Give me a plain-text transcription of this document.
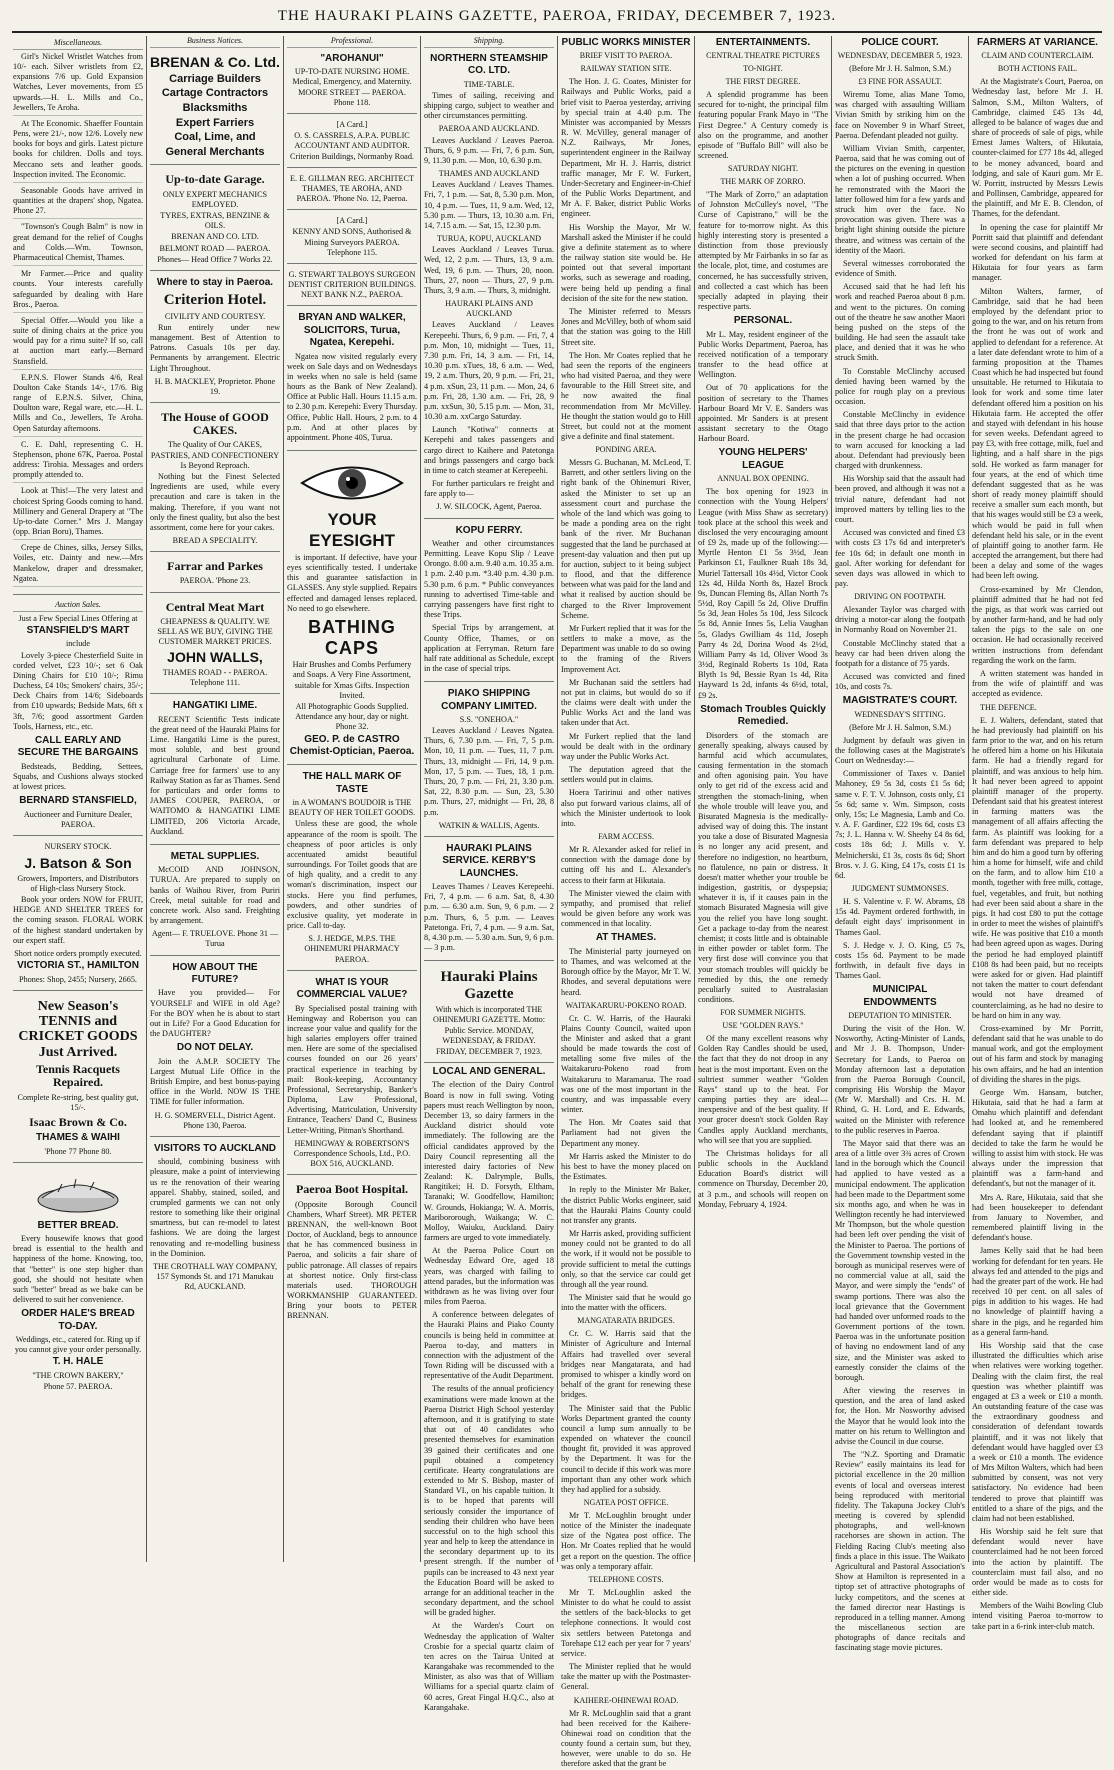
THE HAURAKI PLAINS GAZETTE, PAEROA, FRIDAY, DECEMBER 7, 1923.
Miscellaneous.

Girl's Nickel Wristlet Watches from 10/- each. Silver wristlets from £2, expansions 7/6 up. Gold Expansion Watches, Lever movements, from £5 upwards.—H. L. Mills and Co., Jewellers, Te Aroha.

At The Economic. Shaeffer Fountain Pens, were 21/-, now 12/6. Lovely new books for boys and girls. Latest picture books for children. Dolls and toys. Meccano sets and leather goods. Inspection invited. The Economic.

Seasonable Goods have arrived in quantities at the drapers' shop, Ngatea. Phone 27.

"Townson's Cough Balm" is now in great demand for the relief of Coughs and Colds.—Wm. Townson, Pharmaceutical Chemist, Thames.

Mr Farmer.—Price and quality counts. Your interests carefully safeguarded by dealing with Hare Bros., Paeroa.

Special Offer.—Would you like a suite of dining chairs at the price you would pay for a rimu suite? If so, call at auction mart early.—Bernard Stansfield.

E.P.N.S. Flower Stands 4/6, Real Doulton Cake Stands 14/-, 17/6. Big range of E.P.N.S. Silver, China, Doulton ware, Regal ware, etc.—H. L. Mills and Co., Jewellers, Te Aroha. Open Saturday afternoons.

C. E. Dahl, representing C. H. Stephenson, phone 67K, Paeroa. Postal address: Tirohia. Messages and orders promptly attended to.

Look at This!—The very latest and choicest Spring Goods coming to hand. Millinery and General Drapery at "The Up-to-date Corner." Mrs J. Mangay (opp. Brian Boru), Thames.

Crepe de Chines, silks, Jersey Silks, Voiles, etc. Dainty and new.—Mrs Mankelow, draper and dressmaker, Ngatea.

Auction Sales.
Just a Few Special Lines Offering at
STANSFIELD'S MART
include

Lovely 3-piece Chesterfield Suite in corded velvet, £23 10/-; set 6 Oak Dining Chairs for £10 10/-; Rimu Duchess, £4 10s; Smokers' chairs, 35/-; Deck Chairs from 14/6; Sideboards from £10 upwards; Bedside Mats, 6ft x 3ft, 7/6; good assortment Garden Tools, Harness, etc., etc.

CALL EARLY AND SECURE THE BARGAINS

Bedsteads, Bedding, Settees, Squabs, and Cushions always stocked at lowest prices.

BERNARD STANSFIELD,
Auctioneer and Furniture Dealer, PAEROA.
NURSERY STOCK.
J. Batson & Son
Growers, Importers, and Distributors of High-class Nursery Stock.

Book your orders NOW for FRUIT, HEDGE AND SHELTER TREES for the coming season. FLORAL WORK of the highest standard undertaken by our expert staff.

Short notice orders promptly executed.
VICTORIA ST., HAMILTON
Phones: Shop, 2455; Nursery, 2665.
New Season's TENNIS and CRICKET GOODS Just Arrived.
Tennis Racquets Repaired.
Complete Re-string, best quality gut, 15/-.
Isaac Brown & Co.
THAMES & WAIHI
'Phone 77 Phone 80.
BETTER BREAD.

Every housewife knows that good bread is essential to the health and happiness of the home. Knowing, too, that "better" is one step higher than good, she should not hesitate when such "better" bread as we bake can be delivered to suit her convenience.

ORDER HALE'S BREAD TO-DAY.
Weddings, etc., catered for. Ring up if you cannot give your order personally.
T. H. HALE
"THE CROWN BAKERY,"
Phone 57. PAEROA.
Business Notices.
BRENAN & Co. Ltd.
Carriage Builders
Cartage Contractors
Blacksmiths
Expert Farriers
Coal, Lime, and
General Merchants
Up-to-date Garage.
ONLY EXPERT MECHANICS EMPLOYED.
TYRES, EXTRAS, BENZINE & OILS.
BRENAN AND CO. LTD.
BELMONT ROAD — PAEROA.
Phones— Head Office 7 Works 22.
Where to stay in Paeroa.
Criterion Hotel.
CIVILITY AND COURTESY.

Run entirely under new management. Best of Attention to Patrons. Casuals 10s per day. Permanents by arrangement. Electric Light Throughout.

H. B. MACKLEY, Proprietor. Phone 19.
The House of GOOD CAKES.
The Quality of Our CAKES, PASTRIES, AND CONFECTIONERY Is Beyond Reproach.

Nothing but the Finest Selected Ingredients are used, while every precaution and care is taken in the making. Therefore, if you want not only the finest quality, but also the best assortment, come here for your cakes.

BREAD A SPECIALITY.
Farrar and Parkes
PAEROA. 'Phone 23.
Central Meat Mart
CHEAPNESS & QUALITY. WE SELL AS WE BUY, GIVING THE CUSTOMER MARKET PRICES.
JOHN WALLS,
THAMES ROAD - - PAEROA. Telephone 111.
HANGATIKI LIME.

RECENT Scientific Tests indicate the great need of the Hauraki Plains for Lime. Hangatiki Lime is the purest, most soluble, and best ground agricultural Carbonate of Lime. Carriage free for farmers' use to any Railway Station as far as Thames. Send for particulars and order forms to JAMES COUPER, PAEROA, or WAITOMO & HANGATIKI LIME LIMITED, 206 Victoria Arcade, Auckland.

METAL SUPPLIES.

McCOID AND JOHNSON, TURUA. Are prepared to supply on banks of Waihou River, from Puriri Creek, metal suitable for road and concrete work. Also sand. Freighting by arrangement.

Agent— F. TRUELOVE. Phone 31 — Turua
HOW ABOUT THE FUTURE?

Have you provided— For YOURSELF and WIFE in old Age? For the BOY when he is about to start out in Life? For a Good Education for the DAUGHTER?

DO NOT DELAY.

Join the A.M.P. SOCIETY The Largest Mutual Life Office in the British Empire, and best bonus-paying office in the World. NOW IS THE TIME for fuller information.

H. G. SOMERVELL, District Agent. Phone 130, Paeroa.
VISITORS TO AUCKLAND

should, combining business with pleasure, make a point of interviewing us re the renovation of their wearing apparel. Shabby, stained, soiled, and crumpled garments we can not only restore to something like their original smartness, but can re-model to latest fashions. We are doing the largest renovating and re-modelling business in the Dominion.

THE CROTHALL WAY COMPANY, 157 Symonds St. and 171 Manukau Rd, AUCKLAND.
Professional.
"AROHANUI"
UP-TO-DATE NURSING HOME. Medical, Emergency, and Maternity. MOORE STREET — PAEROA. Phone 118.
[A Card.]
O. S. CASSRELS, A.P.A. PUBLIC ACCOUNTANT AND AUDITOR. Criterion Buildings, Normanby Road.
E. E. GILLMAN REG. ARCHITECT THAMES, TE AROHA, AND PAEROA. 'Phone No. 12, Paeroa.
[A Card.]
KENNY AND SONS, Authorised & Mining Surveyors PAEROA. Telephone 115.
G. STEWART TALBOYS SURGEON DENTIST CRITERION BUILDINGS. NEXT BANK N.Z., PAEROA.
BRYAN AND WALKER, SOLICITORS, Turua, Ngatea, Kerepehi.

Ngatea now visited regularly every week on Sale days and on Wednesdays in weeks when no sale is held (same hours as the Bank of New Zealand). Office at Public Hall. Hours 11.15 a.m. to 2.30 p.m. Kerepehi: Every Thursday. Office, Public Hall. Hours, 2 p.m. to 4 p.m. And at other places by appointment. Phone 40S, Turua.

YOUR EYESIGHT

is important. If defective, have your eyes scientifically tested. I undertake this and guarantee satisfaction in GLASSES. Any style supplied. Repairs effected and damaged lenses replaced. No need to go elsewhere.

BATHING CAPS
Hair Brushes and Combs Perfumery and Soaps. A Very Fine Assortment, suitable for Xmas Gifts. Inspection Invited.
All Photographic Goods Supplied. Attendance any hour, day or night. Phone 32.
GEO. P. de CASTRO Chemist-Optician, Paeroa.
THE HALL MARK OF TASTE
in A WOMAN'S BOUDOIR is THE BEAUTY OF HER TOILET GOODS.

Unless these are good, the whole appearance of the room is spoilt. The cheapness of poor articles is only accentuated amidst beautiful surroundings. For Toilet goods that are of high quality, and a credit to any woman's discrimination, inspect our stocks. Here you find perfumes, powders, and other sundries of exclusive quality, yet moderate in price. Call to-day.

S. J. HEDGE, M.P.S. THE OHINEMURI PHARMACY PAEROA.
WHAT IS YOUR COMMERCIAL VALUE?

By Specialised postal training with Hemingway and Robertson you can increase your value and qualify for the high salaries employers offer trained men. Here are some of the specialised courses founded on our 26 years' practical experience in teaching by mail: Book-keeping, Accountancy Professional, Secretaryship, Banker's Diploma, Law Professional, Advertising, Matriculation, University Entrance, Teachers' Dand C, Business Letter-Writing, Pitman's Shorthand.

HEMINGWAY & ROBERTSON'S Correspondence Schools, Ltd., P.O. BOX 516, AUCKLAND.
Paeroa Boot Hospital.

(Opposite Borough Council Chambers, Wharf Street). MR PETER BRENNAN, the well-known Boot Doctor, of Auckland, begs to announce that he has commenced business in Paeroa, and solicits a fair share of public patronage. All classes of repairs at shortest notice. Only first-class materials used. THOROUGH WORKMANSHIP GUARANTEED. Bring your boots to PETER BRENNAN.

Shipping.
NORTHERN STEAMSHIP CO. LTD.
TIME-TABLE.

Times of sailing, receiving and shipping cargo, subject to weather and other circumstances permitting.

PAEROA AND AUCKLAND.

Leaves Auckland / Leaves Paeroa. Thurs, 6, 9 p.m. — Fri, 7, 6 p.m. Sun, 9, 11.30 p.m. — Mon, 10, 6.30 p.m.

THAMES AND AUCKLAND

Leaves Auckland / Leaves Thames. Fri, 7, 1 p.m. — Sat, 8, 5.30 p.m. Mon, 10, 4 p.m. — Tues, 11, 9 a.m. Wed, 12, 5.30 p.m. — Thurs, 13, 10.30 a.m. Fri, 14, 7.15 a.m. — Sat, 15, 12.30 p.m.

TURUA, KOPU, AUCKLAND

Leaves Auckland / Leaves Turua. Wed, 12, 2 p.m. — Thurs, 13, 9 a.m. Wed, 19, 6 p.m. — Thurs, 20, noon. Thurs, 27, noon — Thurs, 27, 9 p.m. Thurs, 3, 9 a.m. — Thurs, 3, midnight.

HAURAKI PLAINS AND AUCKLAND

Leaves Auckland / Leaves Kerepeehi. Thurs, 6, 9 p.m. — Fri, 7, 4 p.m. Mon, 10, midnight — Tues, 11, 7.30 p.m. Fri, 14, 3 a.m. — Fri, 14, 10.30 p.m. xTues, 18, 6 a.m. — Wed, 19, 2 a.m. Thurs, 20, 9 p.m. — Fri, 21, 4 p.m. xSun, 23, 11 p.m. — Mon, 24, 6 p.m. Fri, 28, 1.30 a.m. — Fri, 28, 9 p.m. xxSun, 30, 5.15 p.m. — Mon, 31, 10.30 a.m. xxCargo Saturday.

Launch "Kotiwa" connects at Kerepehi and takes passengers and cargo direct to Kaihere and Patetonga and brings passengers and cargo back in time to catch steamer at Kerepeehi.

For further particulars re freight and fare apply to—

J. W. SILCOCK, Agent, Paeroa.
KOPU FERRY.

Weather and other circumstances Permitting. Leave Kopu Slip / Leave Orongo. 8.00 a.m. 9.40 a.m. 10.35 a.m. 1 p.m. 2.40 p.m. *3.40 p.m. 4.30 p.m. 5.30 p.m. 6 p.m. * Public conveyances running to advertised Time-table and carrying passengers have first right to these Trips.

Special Trips by arrangement, at County Office, Thames, or on application at Ferryman. Return fare half rate additional as Schedule, except in the case of special trips.

PIAKO SHIPPING COMPANY LIMITED.
S.S. "ONEHOA."

Leaves Auckland / Leaves Ngatea. Thurs, 6, 7.30 p.m. — Fri, 7, 5 p.m. Mon, 10, 11 p.m. — Tues, 11, 7 p.m. Thurs, 13, midnight — Fri, 14, 9 p.m. Mon, 17, 5 p.m. — Tues, 18, 1 p.m. Thurs, 20, 7 p.m. — Fri, 21, 3.30 p.m. Sat, 22, 8.30 p.m. — Sun, 23, 5.30 p.m. Thurs, 27, midnight — Fri, 28, 8 p.m.

WATKIN & WALLIS, Agents.
HAURAKI PLAINS SERVICE. KERBY'S LAUNCHES.

Leaves Thames / Leaves Kerepeehi. Fri, 7, 4 p.m. — 6 a.m. Sat, 8, 4.30 p.m. — 6.30 a.m. Sun, 9, 6 p.m. — 2 p.m. Thurs, 6, 5 p.m. — Leaves Patetonga. Fri, 7, 4 p.m. — 9 a.m. Sat, 8, 4.30 p.m. — 5.30 a.m. Sun, 9, 6 p.m. — 3 p.m.

Hauraki Plains Gazette
With which is incorporated THE OHINEMURI GAZETTE. Motto: Public Service. MONDAY, WEDNESDAY, & FRIDAY.
FRIDAY, DECEMBER 7, 1923.
LOCAL AND GENERAL.

The election of the Dairy Control Board is now in full swing. Voting papers must reach Wellington by noon, December 13, so dairy farmers in the Auckland district should vote immediately. The following are the official candidates approved by the Dairy Council representing all the interested dairy factories of New Zealand: K. Dalrymple, Bulls, Rangitikei; H. D. Forsyth, Eltham, Taranaki; W. Goodfellow, Hamilton; W. Grounds, Hokianga; W. A. Morris, Maribororough, Waikanga; W. C. Molloy, Waiuku, Auckland. Dairy farmers are urged to vote immediately.

At the Paeroa Police Court on Wednesday Edward Ore, aged 18 years, was charged with failing to attend parades, but the information was withdrawn as he was living over four miles from Paeroa.

A conference between delegates of the Hauraki Plains and Piako County councils is being held in committee at Paeroa to-day, and matters in connection with the adjustment of the Town Riding will be discussed with a representative of the Audit Department.

The results of the annual proficiency examinations were made known at the Paeroa District High School yesterday afternoon, and it is gratifying to state that out of 40 candidates who presented themselves for examination 39 gained their certificates and one pupil obtained a competency certificate. Hearty congratulations are extended to Mr S. Bishop, master of Standard VI., on his capable tuition. It is to be hoped that parents will seriously consider the importance of sending their children who have been successful on to the high school this year and help to keep the attendance in the secondary department up to its present strength. If the number of pupils can be increased to 43 next year the Education Board will be asked to arrange for an additional teacher in the secondary department, and the school will be graded higher.

At the Warden's Court on Wednesday the application of Walter Crosbie for a special quartz claim of ten acres on the Tairua United at Karangahake was recommended to the Minister, as also was that of William Williams for a special quartz claim of 60 acres, Great Fingal H.Q.C., also at Karangahake.

PUBLIC WORKS MINISTER
BRIEF VISIT TO PAEROA.
RAILWAY STATION SITE.

The Hon. J. G. Coates, Minister for Railways and Public Works, paid a brief visit to Paeroa yesterday, arriving by special train at 4.40 p.m. The Minister was accompanied by Messrs R. W. McVilley, general manager of N.Z. Railways, Mr Jones, superintendent engineer in the Railway Department, Mr H. J. Harris, district traffic manager, Mr F. W. Furkert, Under-Secretary and Engineer-in-Chief of the Public Works Department, and Mr A. F. Baker, district Public Works engineer.

His Worship the Mayor, Mr W. Marshall asked the Minister if he could give a definite statement as to where the railway station site would be. He pointed out that several important works, such as sewerage and roading, were being held up pending a final decision of the site for the new station.

The Minister referred to Messrs Jones and McVilley, both of whom said that the station was going to the Hill Street site.

The Hon. Mr Coates replied that he had seen the reports of the engineers who had visited Paeroa, and they were favourable to the Hill Street site, and he now awaited the final recommendation from Mr McVilley. He thought the station would go to Hill Street, but could not at the moment give a definite and final statement.

PONDING AREA.

Messrs G. Buchanan, M. McLeod, T. Barrett, and other settlers living on the right bank of the Ohinemuri River, asked the Minister to set up an assessment court and purchase the whole of the land which was going to be made a ponding area on the right bank of the river. Mr Buchanan suggested that the land be purchased at present-day valuation and then put up for auction, subject to it being subject to flood, and that the difference between what was paid for the land and what it realised by auction should be charged to the River Improvement Scheme.

Mr Furkert replied that it was for the settlers to make a move, as the Department was unable to do so owing to the framing of the Rivers Improvement Act.

Mr Buchanan said the settlers had not put in claims, but would do so if the claims were dealt with under the Public Works Act and the land was taken under that Act.

Mr Furkert replied that the land would be dealt with in the ordinary way under the Public Works Act.

The deputation agreed that the settlers would put in claims.

Hoera Taririnui and other natives also put forward various claims, all of which the Minister undertook to look into.

FARM ACCESS.

Mr R. Alexander asked for relief in connection with the damage done by cutting off his and L. Alexander's access to their farm at Hikutaia.

The Minister viewed the claim with sympathy, and promised that relief would be given before any work was commenced in that locality.

AT THAMES.

The Ministerial party journeyed on to Thames, and was welcomed at the Borough office by the Mayor, Mr T. W. Rhodes, and several deputations were heard.

WAITAKARURU-POKENO ROAD.

Cr. C. W. Harris, of the Hauraki Plains County Council, waited upon the Minister and asked that a grant should be made towards the cost of metalling some five miles of the Waitakaruru-Pokeno road from Waitakaruru to Maramarua. The road was one of the most important in the country, and was impassable every winter.

The Hon. Mr Coates said that Parliament had not given the Department any money.

Mr Harris asked the Minister to do his best to have the money placed on the Estimates.

In reply to the Minister Mr Baker, the district Public Works engineer, said that the Hauraki Plains County could not transfer any grants.

Mr Harris asked, providing sufficient money could not be granted to do all the work, if it would not be possible to provide sufficient to metal the cuttings only, so that the service car could get through all the year round.

The Minister said that he would go into the matter with the officers.

MANGATARATA BRIDGES.

Cr. C. W. Harris said that the Minister of Agriculture and Internal Affairs had travelled over several bridges near Mangatarata, and had promised to whisper a kindly word on behalf of the grant for renewing these bridges.

The Minister said that the Public Works Department granted the county council a lump sum annually to be expended on whatever the council thought fit, provided it was approved by the Department. It was for the council to decide if this work was more important than any other work which they had applied for a subsidy.

NGATEA POST OFFICE.

Mr T. McLoughlin brought under notice of the Minister the inadequate size of the Ngatea post office. The Hon. Mr Coates replied that he would get a report on the question. The office was only a temporary affair.

TELEPHONE COSTS.

Mr T. McLoughlin asked the Minister to do what he could to assist the settlers of the back-blocks to get telephone connections. It would cost six settlers between Patetonga and Torehape £12 each per year for 7 years' service.

The Minister replied that he would take the matter up with the Postmaster-General.

KAIHERE-OHINEWAI ROAD.

Mr R. McLoughlin said that a grant had been received for the Kaihere-Ohinewai road on condition that the county found a certain sum, but they, however, were unable to do so. He therefore asked that the grant be

ENTERTAINMENTS.
CENTRAL THEATRE PICTURES
TO-NIGHT.
THE FIRST DEGREE.

A splendid programme has been secured for to-night, the principal film featuring popular Frank Mayo in "The First Degree." A Century comedy is also on the programme, and another episode of "Buffalo Bill" will also be screened.

SATURDAY NIGHT.
THE MARK OF ZORRO.

"The Mark of Zorro," an adaptation of Johnston McCulley's novel, "The Curse of Capistrano," will be the feature for to-morrow night. As this highly interesting story is presented a distinction from those previously attempted by Mr Fairbanks in so far as the locale, plot, time, and costumes are concerned, he has successfully striven, and collected a cast which has been specially adapted in playing their respective parts.

PERSONAL.

Mr L. May, resident engineer of the Public Works Department, Paeroa, has received notification of a temporary transfer to the head office at Wellington.

Out of 70 applications for the position of secretary to the Thames Harbour Board Mr V. E. Sanders was appointed. Mr Sanders is at present assistant secretary to the Otago Harbour Board.

YOUNG HELPERS' LEAGUE
ANNUAL BOX OPENING.

The box opening for 1923 in connection with the Young Helpers' League (with Miss Shaw as secretary) took place at the school this week and disclosed the very encouraging amount of £9 2s, made up of the following:—Myrtle Henton £1 5s 3½d, Jean Parkinson £1, Faulkner Ruah 18s 3d, Muriel Tattersall 10s 4½d, Victor Cook 12s 4d, Hilda North 8s, Hazel Brock 9s, Duncan Fleming 8s, Allan North 7s 5½d, Roy Capill 5s 2d, Olive Druffin 5s 3d, Jean Holes 5s 10d, Jess Silcock 5s 8d, Annie Innes 5s, Lelia Vaughan 5s, Gladys Gwilliam 4s 11d, Joseph Parry 4s 2d, Dorina Wood 4s 2½d, William Parry 4s 1d, Oliver Wood 3s 3½d, Reginald Roberts 1s 10d, Rata Blyth 1s 9d, Bessie Ryan 1s 4d, Rita Hayward 1s 2d, infants 4s 6½d, total, £9 2s.

Stomach Troubles Quickly Remedied.

Disorders of the stomach are generally speaking, always caused by harmful acid which accumulates, causing fermentation in the stomach and often agonising pain. You have only to get rid of the excess acid and strengthen the stomach-lining, when the whole trouble will leave you, and Bisurated Magnesia is the medically-advised way of doing this. The instant you take a dose of Bisurated Magnesia is no longer any acid present, and therefore no indigestion, no heartburn, no flatulence, no pain or distress. It doesn't matter whether your trouble be indigestion, gastritis, or dyspepsia; whatever it is, if it causes pain in the stomach Bisurated Magnesia will give you the relief you have long sought. Get a package to-day from the nearest chemist; it costs little and is obtainable in either powder or tablet form. The very first dose will convince you that your stomach troubles will quickly be remedied by this, the one remedy peculiarly suited to Australasian conditions.

FOR SUMMER NIGHTS.
USE "GOLDEN RAYS."

Of the many excellent reasons why Golden Ray Candles should be used, the fact that they do not droop in any heat is the most important. Even on the sultriest summer weather "Golden Rays" stand up to the heat. For camping parties they are ideal—inexpensive and of the best quality. If your grocer doesn't stock Golden Ray Candles apply Auckland merchants, who will see that you are supplied.

The Christmas holidays for all public schools in the Auckland Education Board's district will commence on Thursday, December 20, at 3 p.m., and schools will reopen on Monday, February 4, 1924.

POLICE COURT.
WEDNESDAY, DECEMBER 5, 1923.
(Before Mr J. H. Salmon, S.M.)
£3 FINE FOR ASSAULT.

Wiremu Tome, alias Mane Tomo, was charged with assaulting William Vivian Smith by striking him on the face on November 9 in Wharf Street, Paeroa. Defendant pleaded not guilty.

William Vivian Smith, carpenter, Paeroa, said that he was coming out of the pictures on the evening in question when a lot of pushing occurred. When he remonstrated with the Maori the latter followed him for a few yards and struck him over the face. No provocation was given. There was a bright light shining outside the picture theatre, and witness was certain of the identity of the Maori.

Several witnesses corroborated the evidence of Smith.

Accused said that he had left his work and reached Paeroa about 8 p.m. and went to the pictures. On coming out of the theatre he saw another Maori being pushed on the steps of the building. He had seen the assault take place, and denied that it was he who struck Smith.

To Constable McClinchy accused denied having been warned by the police for rough play on a previous occasion.

Constable McClinchy in evidence said that three days prior to the action in the present charge he had occasion to warn accused for knocking a lad about. Defendant had previously been charged with drunkenness.

His Worship said that the assault had been proved, and although it was not a trivial nature, defendant had not improved matters by telling lies to the court.

Accused was convicted and fined £3 with costs £3 17s 6d and interpreter's fee 10s 6d; in default one month in gaol. After working for defendant for seven days was allowed in which to pay.

DRIVING ON FOOTPATH.

Alexander Taylor was charged with driving a motor-car along the footpath in Normanby Road on November 21.

Constable McClinchy stated that a heavy car had been driven along the footpath for a distance of 75 yards.

Accused was convicted and fined 10s, and costs 7s.

MAGISTRATE'S COURT.
WEDNESDAY'S SITTING.
(Before Mr J. H. Salmon, S.M.)

Judgment by default was given in the following cases at the Magistrate's Court on Wednesday:—

Commissioner of Taxes v. Daniel Mahoney, £9 5s 3d, costs £1 5s 6d; same v. F. T. V. Johnson, costs only, £1 5s 6d; same v. Wm. Simpson, costs only, 15s; Le Magnesia, Lamb and Co. v. A. F. Gardiner, £22 19s 6d, costs £3 7s; J. L. Hanna v. W. Sheehy £4 8s 6d, costs 18s 6d; J. Mills v. Y. Melnicherski, £1 3s, costs 8s 6d; Short Bros. v. J. G. King, £4 17s, costs £1 1s 6d.

JUDGMENT SUMMONSES.

H. S. Valentine v. F. W. Abrams, £8 15s 4d. Payment ordered forthwith, in default eight days' imprisonment in Thames Gaol.

S. J. Hedge v. J. O. King, £5 7s, costs 15s 6d. Payment to be made forthwith, in default five days in Thames Gaol.

MUNICIPAL ENDOWMENTS
DEPUTATION TO MINISTER.

During the visit of the Hon. W. Nosworthy, Acting-Minister of Lands, and Mr J. B. Thompson, Under-Secretary for Lands, to Paeroa on Monday afternoon last a deputation from the Paeroa Borough Council, comprising His Worship the Mayor (Mr W. Marshall) and Crs. H. M. Rhind, G. H. Lord, and E. Edwards, waited on the Minister with reference to the public reserves in Paeroa.

The Mayor said that there was an area of a little over 3¾ acres of Crown land in the borough which the Council had applied to have vested as a municipal endowment. The application had been made to the Department some six months ago, and when he was in Wellington recently he had interviewed Mr Thompson, but the whole question had been left over pending the visit of the Minister to Paeroa. The portions of the Government township vested in the borough as municipal reserves were of no commercial value at all, said the Mayor, and were simply the "ends" of swamp portions. There was also the local grievance that the Government had handed over unformed roads to the Government portions of the town. Paeroa was in the unfortunate position of having no endowment land of any size, and the Minister was asked to earnestly consider the claims of the borough.

After viewing the reserves in question, and the area of land asked for, the Hon. Mr Nosworthy advised the Mayor that he would look into the matter on his return to Wellington and advise the Council in due course.

The "N.Z. Sporting and Dramatic Review" easily maintains its lead for pictorial excellence in the 20 million events of local and overseas interest being reproduced with meritorial fidelity. The Takapuna Jockey Club's meeting is covered by splendid photographs, and well-known racehorses are shown in action. The Fielding Racing Club's meeting also finds a place in this issue. The Waikato Agricultural and Pastoral Association's Show at Hamilton is represented in a tiptop set of attractive photographs of lucky competitors, and the scenes at the famed director near Hastings is reproduced in a telling manner. Among the miscellaneous section are photographs of dance recitals and fascinating stage movie pictures.

FARMERS AT VARIANCE.
CLAIM AND COUNTERCLAIM.
BOTH ACTIONS FAIL.

At the Magistrate's Court, Paeroa, on Wednesday last, before Mr J. H. Salmon, S.M., Milton Walters, of Cambridge, claimed £45 13s 4d, alleged to be balance of wages due and share of proceeds of sale of pigs, while Ernest James Walters, of Hikutaia, counter-claimed for £77 18s 4d, alleged to be money advanced, board and lodging, and sale of Kauri gum. Mr E. W. Porritt, instructed by Messrs Lewis and Pollinsen, Cambridge, appeared for the plaintiff, and Mr E. B. Clendon, of Thames, for the defendant.

In opening the case for plaintiff Mr Porritt said that plaintiff and defendant were second cousins, and plaintiff had worked for defendant on his farm at Hikutaia for four years as farm manager.

Milton Walters, farmer, of Cambridge, said that he had been employed by the defendant prior to going to the war, and on his return from the front he was out of work and applied to defendant for a reference. At a later date defendant wrote to him of a farming proposition at the Thames Coast which he had inspected but found unsuitable. He returned to Hikutaia to look for work and some time later defendant offered him a position on his Hikutaia farm. He accepted the offer and stayed with defendant in his house for seven weeks. Defendant agreed to pay £3, with free cottage, milk, fuel and lighting, and a half share in the pigs sold. He worked as farm manager for four years, at the end of which time defendant suggested that as he was short of ready money plaintiff should receive a smaller sum each month, but that his wages would still be £3 a week, which would be paid in full when defendant held his sale, or in the event of plaintiff going to another farm. He accepted the arrangement, but there had been a delay and some of the wages had been left owing.

Cross-examined by Mr Clendon, plaintiff admitted that he had not fed the pigs, as that work was carried out by another farm-hand, and he had only taken the pigs to the sale on one occasion. He had occasionally received written instructions from defendant regarding the work on the farm.

A written statement was handed in from the wife of plaintiff and was accepted as evidence.

THE DEFENCE.

E. J. Walters, defendant, stated that he had previously had plaintiff on his farm prior to the war, and on his return he offered him a home on his Hikutaia farm. He had a friendly regard for plaintiff, and was anxious to help him. It had never been agreed to appoint plaintiff manager of the property. Defendant said that his greatest interest in farming matters was the management of all affairs affecting the farm. As plaintiff was looking for a farm defendant was prepared to help him and do him a good turn by offering him a home for himself, wife and child on the farm, and to allow him £10 a month, together with free milk, cottage, fuel, vegetables, and fruit, but nothing had ever been said about a share in the pigs. It had cost £80 to put the cottage in order to meet the wishes of plaintiff's wife. He was positive that £10 a month had been agreed upon as wages. During the period he had employed plaintiff £108 8s had been paid, but no receipts were asked for or given. Had plaintiff not taken the matter to court defendant would not have dreamed of counterclaiming, as he had no desire to be hard on him in any way.

Cross-examined by Mr Porritt, defendant said that he was unable to do manual work, and got the employment out of his farm and stock by managing his own affairs, and he had an intention of dividing the shares in the pigs.

George Wm. Hansam, butcher, Hikutaia, said that he had a farm at Omahu which plaintiff and defendant had looked at, and he remembered defendant saying that if plaintiff decided to take the farm he would be willing to assist him with stock. He was always under the impression that plaintiff was a farm-hand and defendant's, but not the manager of it.

Mrs A. Rare, Hikutaia, said that she had been housekeeper to defendant from January to November, and remembered plaintiff living in the defendant's house.

James Kelly said that he had been working for defendant for ten years. He always fed and attended to the pigs and had the greater part of the work. He had received 10 per cent. on all sales of pigs in addition to his wages. He had no knowledge of plaintiff having a share in the pigs, and he regarded him as a general farm-hand.

His Worship said that the case illustrated the difficulties which arise when relatives were working together. Dealing with the claim first, the real question was whether plaintiff was engaged at £3 a week or £10 a month. An outstanding feature of the case was the extraordinary goodness and consideration of defendant towards plaintiff, and it was not likely that defendant would have haggled over £3 a week or £10 a month. The evidence of Mrs Milton Walters, which had been submitted by consent, was not very satisfactory. No evidence had been tendered to prove that plaintiff was entitled to a share of the pigs, and the claim had not been established.

His Worship said he felt sure that defendant would never have counterclaimed had he not been forced into the action by plaintiff. The counterclaim must fail also, and no order would be made as to costs for either side.

Members of the Waihi Bowling Club intend visiting Paeroa to-morrow to take part in a 6-rink inter-club match.
